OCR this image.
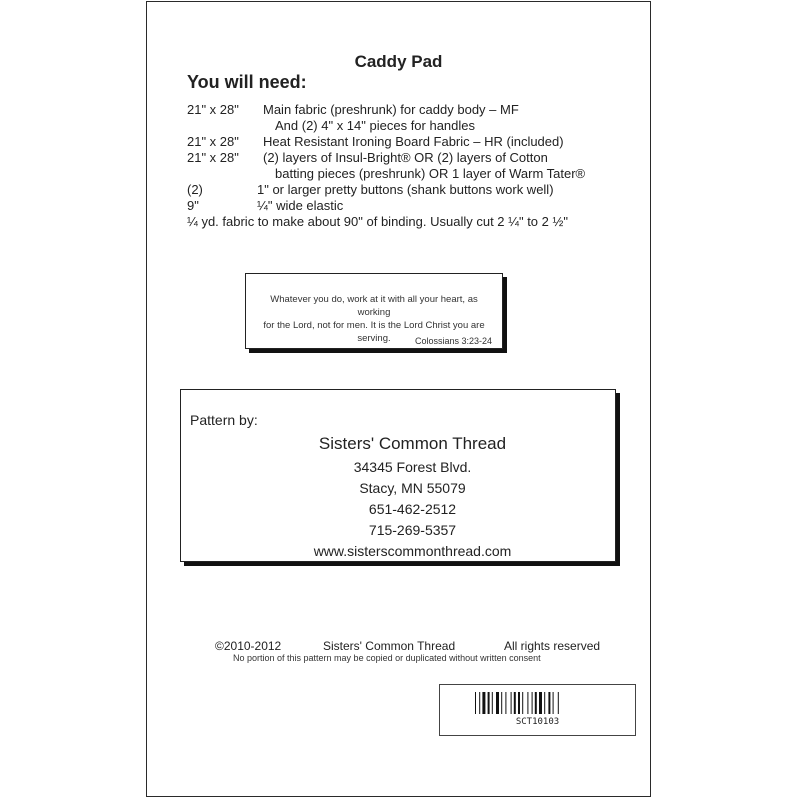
Caddy Pad
You will need:
21" x 28" Main fabric (preshrunk) for caddy body – MF
And (2) 4" x 14" pieces for handles
21" x 28" Heat Resistant Ironing Board Fabric – HR (included)
21" x 28" (2) layers of Insul-Bright® OR (2) layers of Cotton
batting pieces (preshrunk) OR 1 layer of Warm Tater®
(2)	1" or larger pretty buttons (shank buttons work well)
9"	¼" wide elastic
¼ yd. fabric to make about 90" of binding. Usually cut 2 ¼" to 2 ½"
Whatever you do, work at it with all your heart, as working
for the Lord, not for men. It is the Lord Christ you are
serving.	Colossians 3:23-24
Pattern by:
Sisters' Common Thread
34345 Forest Blvd.
Stacy, MN 55079
651-462-2512
715-269-5357
www.sisterscommonthread.com
©2010-2012	Sisters' Common Thread	All rights reserved
No portion of this pattern may be copied or duplicated without written consent
SCT10103
